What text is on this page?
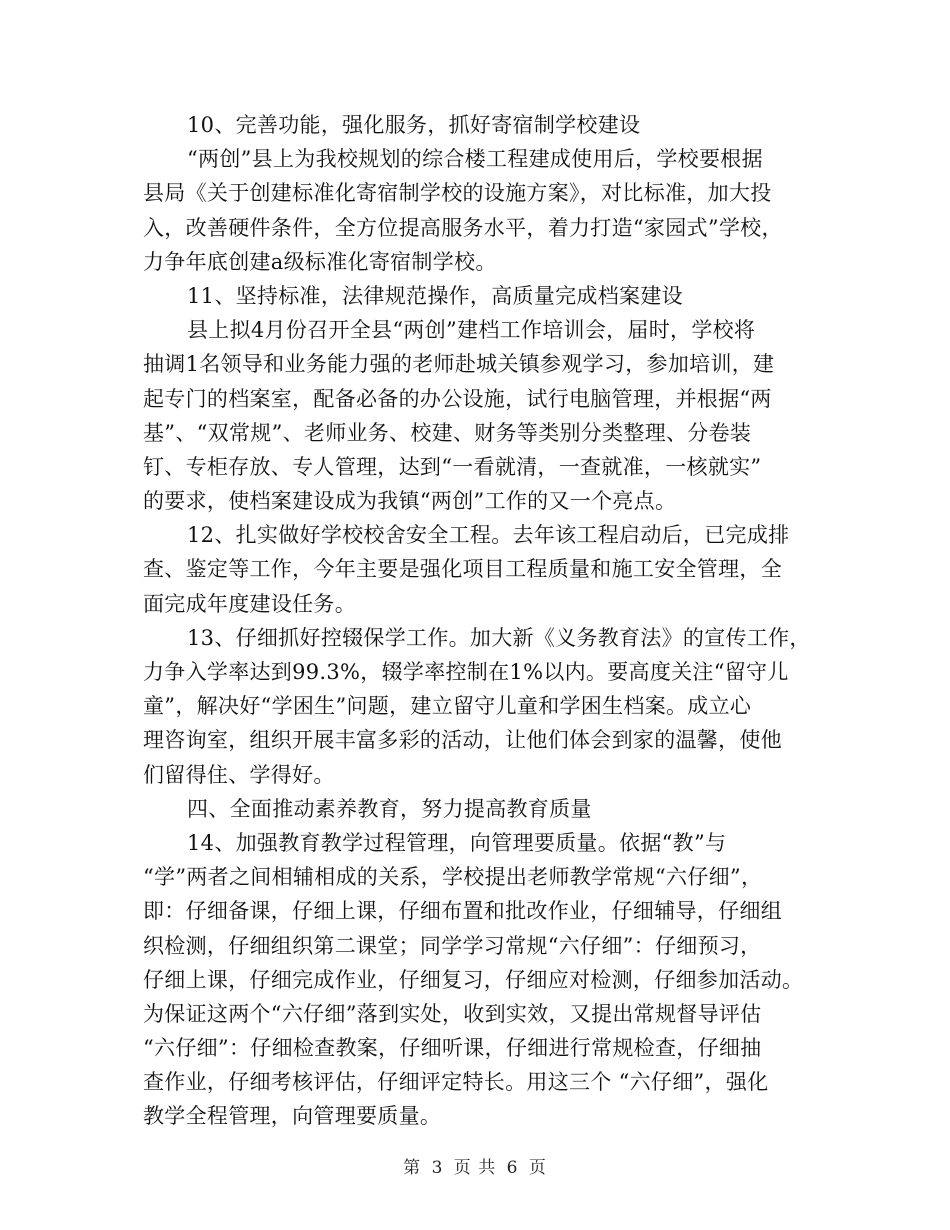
10、完善功能，强化服务，抓好寄宿制学校建设
“两创”县上为我校规划的综合楼工程建成使用后，学校要根据
县局《关于创建标准化寄宿制学校的设施方案》，对比标准，加大投
入，改善硬件条件，全方位提高服务水平，着力打造“家园式”学校，
力争年底创建a级标准化寄宿制学校。
11、坚持标准，法律规范操作，高质量完成档案建设
县上拟4月份召开全县“两创”建档工作培训会，届时，学校将
抽调1名领导和业务能力强的老师赴城关镇参观学习，参加培训，建
起专门的档案室，配备必备的办公设施，试行电脑管理，并根据“两
基”、“双常规”、老师业务、校建、财务等类别分类整理、分卷装
钉、专柜存放、专人管理，达到“一看就清，一查就准，一核就实”
的要求，使档案建设成为我镇“两创”工作的又一个亮点。
12、扎实做好学校校舍安全工程。去年该工程启动后，已完成排
查、鉴定等工作，今年主要是强化项目工程质量和施工安全管理，全
面完成年度建设任务。
13、仔细抓好控辍保学工作。加大新《义务教育法》的宣传工作，
力争入学率达到99.3%，辍学率控制在1%以内。要高度关注“留守儿
童”，解决好“学困生”问题，建立留守儿童和学困生档案。成立心
理咨询室，组织开展丰富多彩的活动，让他们体会到家的温馨，使他
们留得住、学得好。
四、全面推动素养教育，努力提高教育质量
14、加强教育教学过程管理，向管理要质量。依据“教”与
“学”两者之间相辅相成的关系，学校提出老师教学常规“六仔细”，
即：仔细备课，仔细上课，仔细布置和批改作业，仔细辅导，仔细组
织检测，仔细组织第二课堂；同学学习常规“六仔细”：仔细预习，
仔细上课，仔细完成作业，仔细复习，仔细应对检测，仔细参加活动。
为保证这两个“六仔细”落到实处，收到实效，又提出常规督导评估
“六仔细”：仔细检查教案，仔细听课，仔细进行常规检查，仔细抽
查作业，仔细考核评估，仔细评定特长。用这三个 “六仔细”，强化
教学全程管理，向管理要质量。
第 3 页 共 6 页
